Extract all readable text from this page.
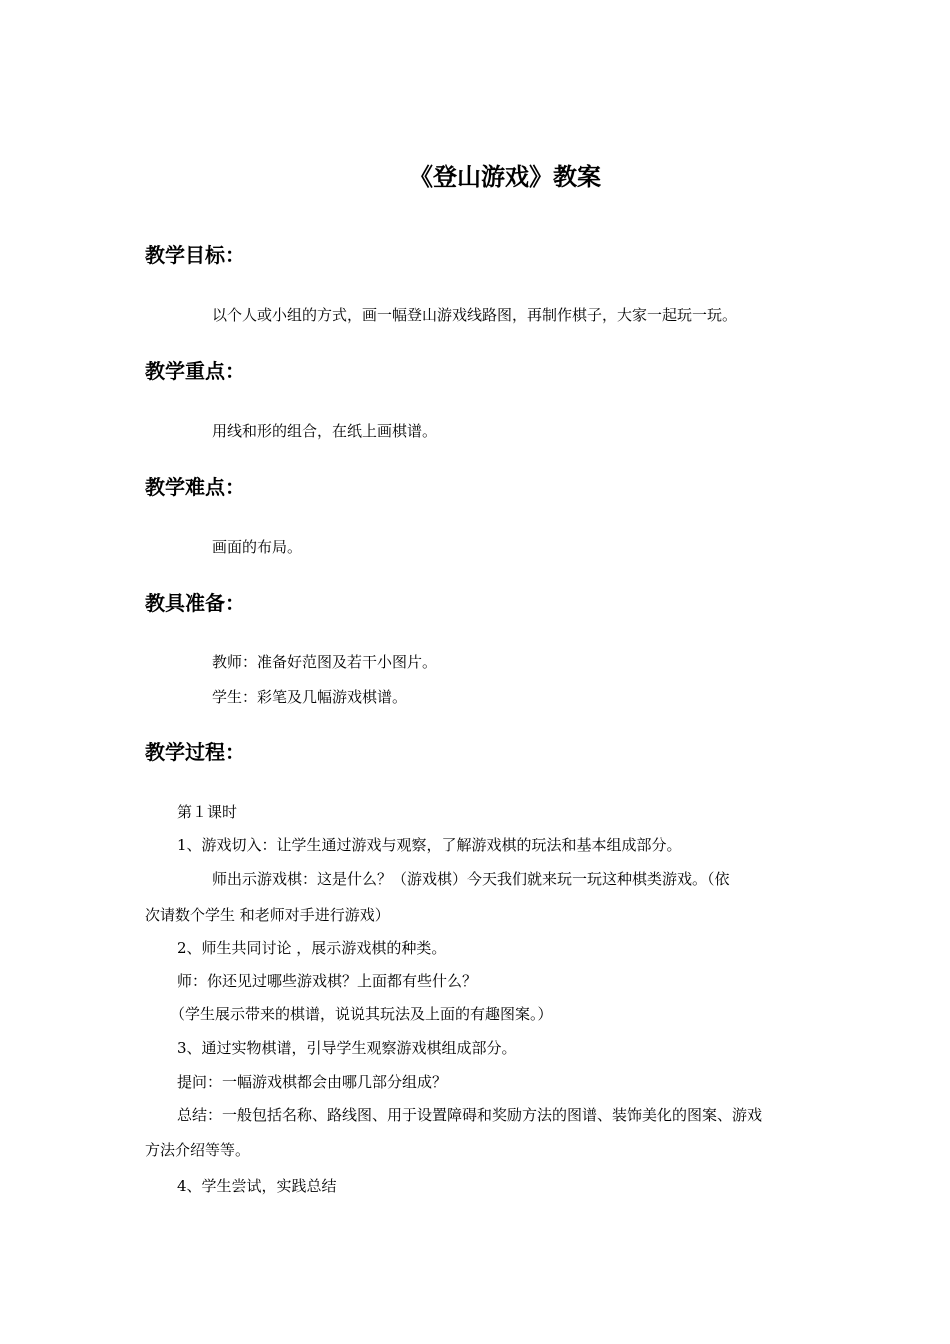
《登山游戏》教案
教学目标：
以个人或小组的方式，画一幅登山游戏线路图，再制作棋子，大家一起玩一玩。
教学重点：
用线和形的组合，在纸上画棋谱。
教学难点：
画面的布局。
教具准备：
教师：准备好范图及若干小图片。
学生：彩笔及几幅游戏棋谱。
教学过程：
第１课时
1、游戏切入：让学生通过游戏与观察，了解游戏棋的玩法和基本组成部分。
师出示游戏棋：这是什么？（游戏棋）今天我们就来玩一玩这种棋类游戏。（依
次请数个学生 和老师对手进行游戏）
2、师生共同讨论 ，展示游戏棋的种类。
师：你还见过哪些游戏棋？上面都有些什么？
（学生展示带来的棋谱，说说其玩法及上面的有趣图案。）
3、通过实物棋谱，引导学生观察游戏棋组成部分。
提问：一幅游戏棋都会由哪几部分组成？
总结：一般包括名称、路线图、用于设置障碍和奖励方法的图谱、装饰美化的图案、游戏
方法介绍等等。
4、学生尝试，实践总结
